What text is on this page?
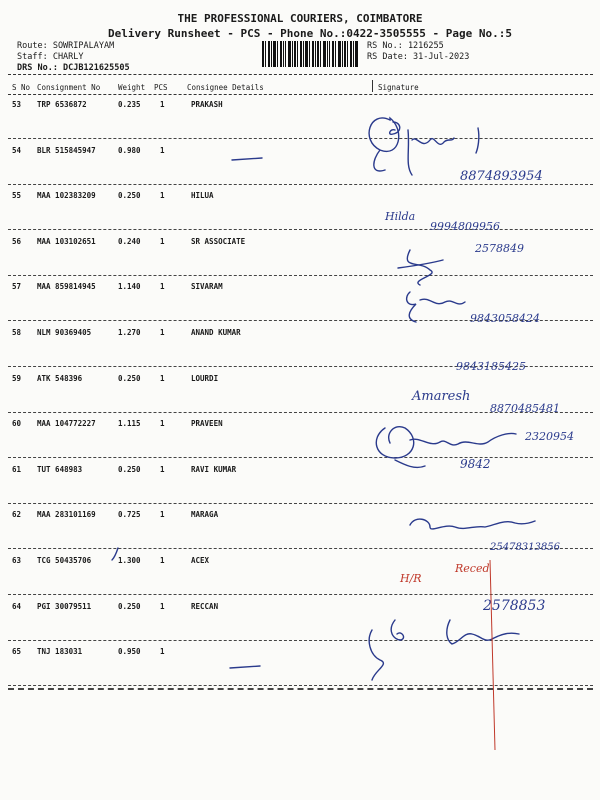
THE PROFESSIONAL COURIERS, COIMBATORE
Delivery Runsheet - PCS - Phone No.:0422-3505555 - Page No.:5
Route: SOWRIPALAYAM
Staff: CHARLY
DRS No.: DCJB121625505
RS No.: 1216255
RS Date: 31-Jul-2023
S No Consignment No Weight PCS	Consignee Details	Signature
53 TRP 6536872	0.235	1	PRAKASH
54 BLR 515845947	0.980	1
55 MAA 102383209	0.250	1	HILUA
56 MAA 103102651	0.240	1	SR ASSOCIATE
57 MAA 859814945	1.140	1	SIVARAM
58 NLM 90369405	1.270	1	ANAND KUMAR
59 ATK 548396	0.250	1	LOURDI
60 MAA 104772227	1.115	1	PRAVEEN
61 TUT 648983	0.250	1	RAVI KUMAR
62 MAA 283101169	0.725	1	MARAGA
63 TCG 50435706	1.300	1	ACEX
64 PGI 30079511	0.250	1	RECCAN
65 TNJ 183031	0.950	1
8874893954
Hilda
9994809956
2578849
9843058424
9843185425
Amaresh
8870485481
2320954
9842
25478313856
2578853
H/R
Reced
